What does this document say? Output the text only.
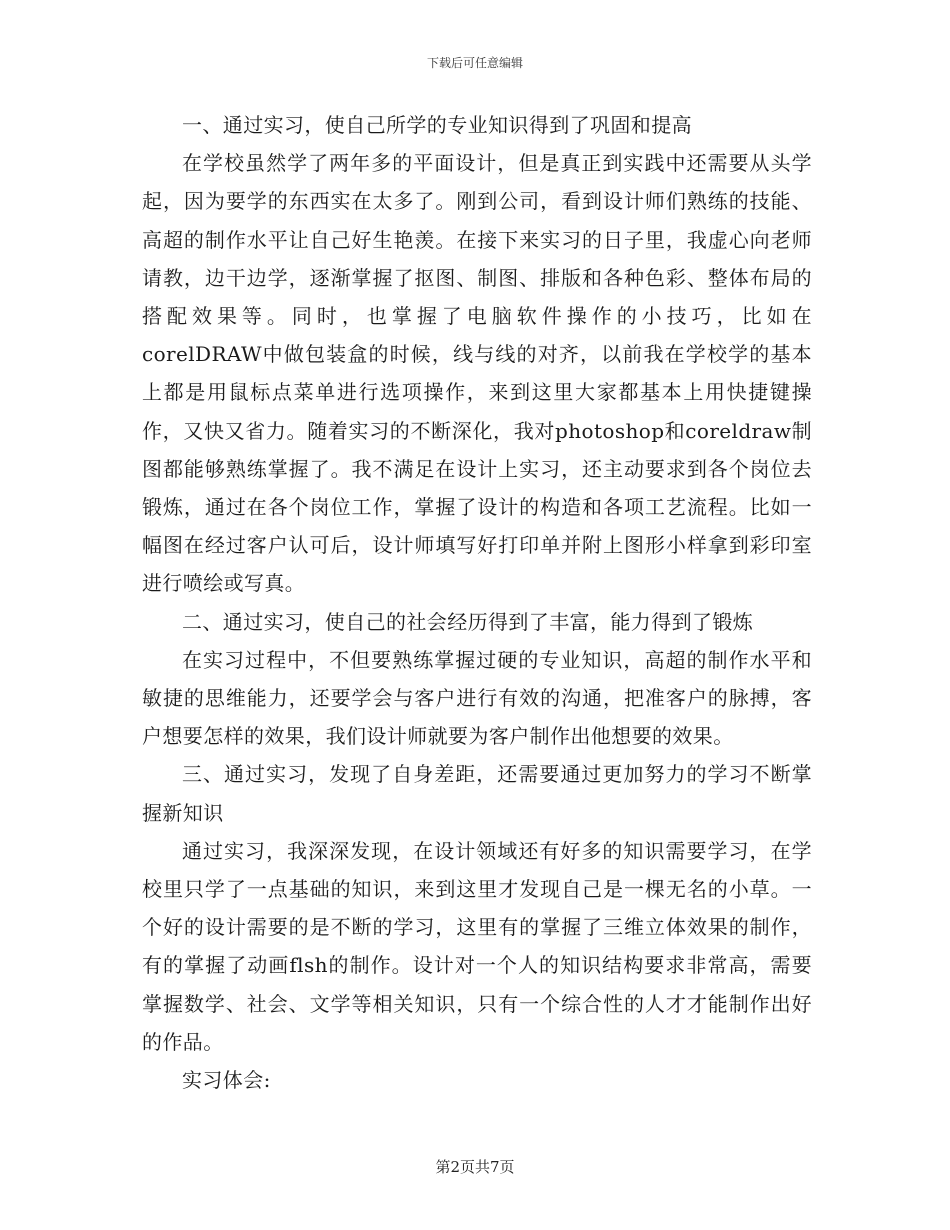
下载后可任意编辑

一、通过实习，使自己所学的专业知识得到了巩固和提高

在学校虽然学了两年多的平面设计，但是真正到实践中还需要从头学起，因为要学的东西实在太多了。刚到公司，看到设计师们熟练的技能、高超的制作水平让自己好生艳羡。在接下来实习的日子里，我虚心向老师请教，边干边学，逐渐掌握了抠图、制图、排版和各种色彩、整体布局的搭配效果等。同时，也掌握了电脑软件操作的小技巧，比如在corelDRAW中做包装盒的时候，线与线的对齐，以前我在学校学的基本上都是用鼠标点菜单进行选项操作，来到这里大家都基本上用快捷键操作，又快又省力。随着实习的不断深化，我对photoshop和coreldraw制图都能够熟练掌握了。我不满足在设计上实习，还主动要求到各个岗位去锻炼，通过在各个岗位工作，掌握了设计的构造和各项工艺流程。比如一幅图在经过客户认可后，设计师填写好打印单并附上图形小样拿到彩印室进行喷绘或写真。

二、通过实习，使自己的社会经历得到了丰富，能力得到了锻炼

在实习过程中，不但要熟练掌握过硬的专业知识，高超的制作水平和敏捷的思维能力，还要学会与客户进行有效的沟通，把准客户的脉搏，客户想要怎样的效果，我们设计师就要为客户制作出他想要的效果。

三、通过实习，发现了自身差距，还需要通过更加努力的学习不断掌握新知识

通过实习，我深深发现，在设计领域还有好多的知识需要学习，在学校里只学了一点基础的知识，来到这里才发现自己是一棵无名的小草。一个好的设计需要的是不断的学习，这里有的掌握了三维立体效果的制作，有的掌握了动画flsh的制作。设计对一个人的知识结构要求非常高，需要掌握数学、社会、文学等相关知识，只有一个综合性的人才才能制作出好的作品。

实习体会:

第2页共7页
